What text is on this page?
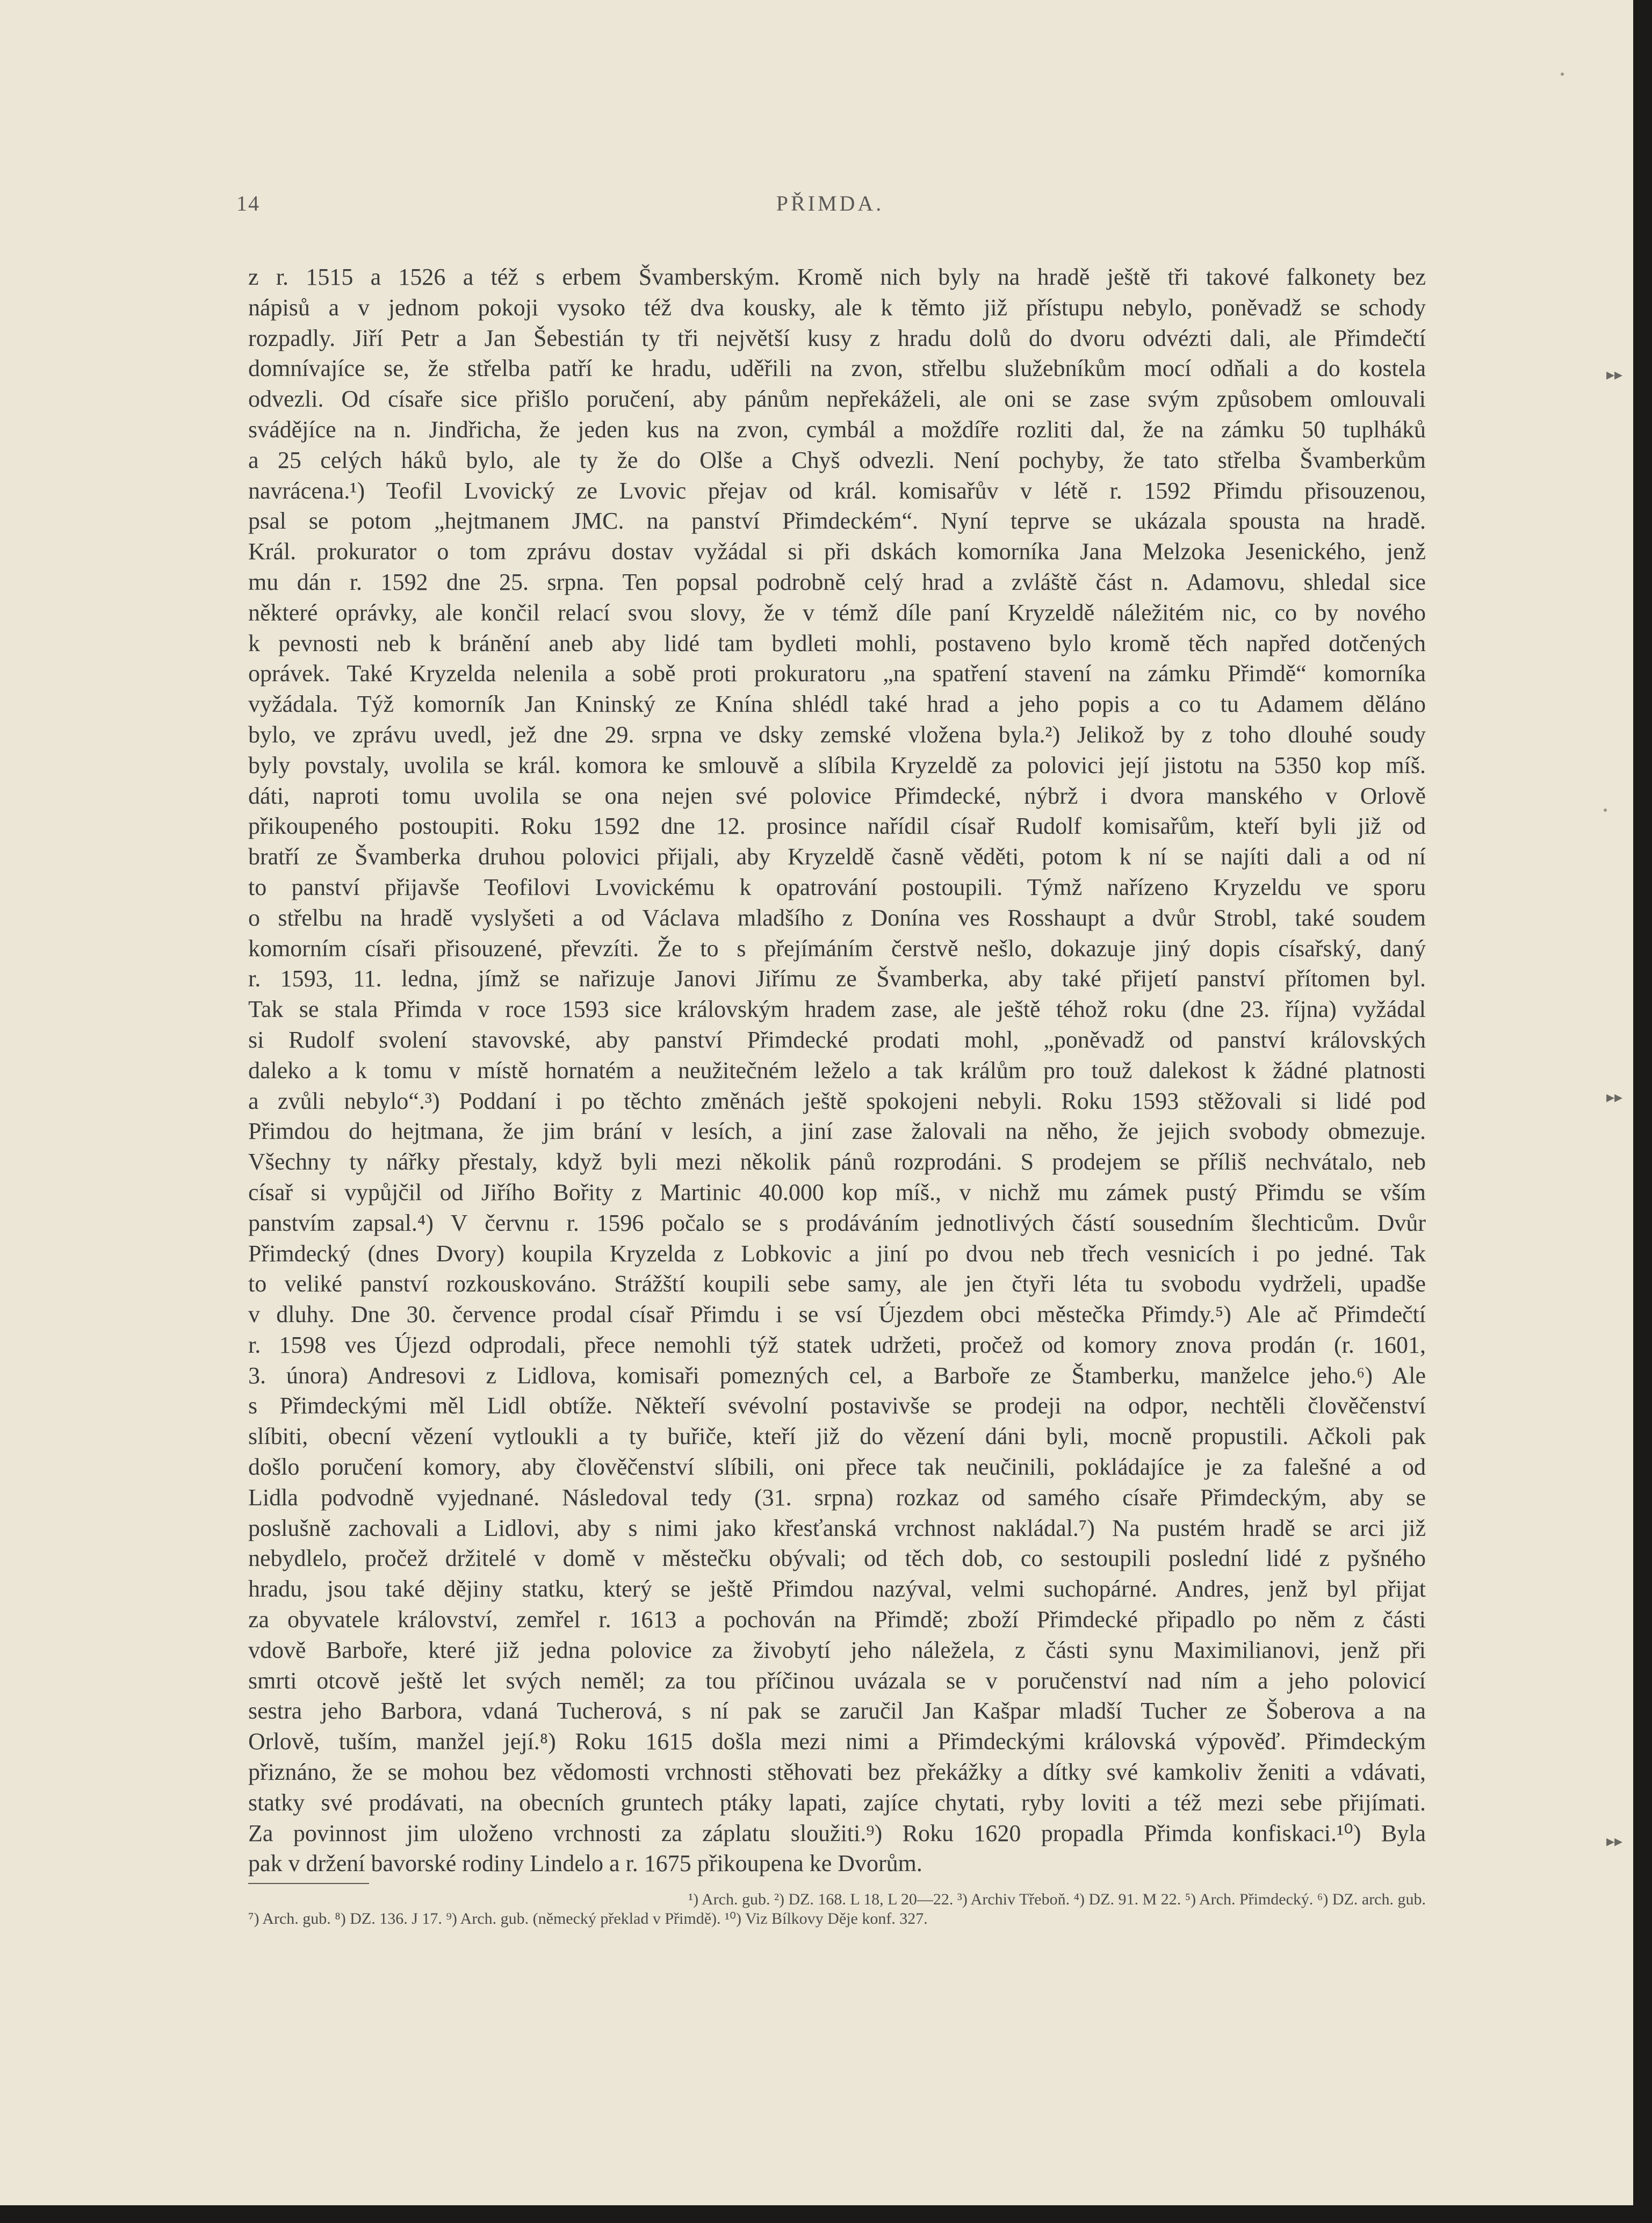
14	PŘIMDA.
z r. 1515 a 1526 a též s erbem Švamberským. Kromě nich byly na hradě ještě tři takové falkonety bez
nápisů a v jednom pokoji vysoko též dva kousky, ale k těmto již přístupu nebylo, poněvadž se schody
rozpadly. Jiří Petr a Jan Šebestián ty tři největší kusy z hradu dolů do dvoru odvézti dali, ale Přimdečtí
domnívajíce se, že střelba patří ke hradu, uděřili na zvon, střelbu služebníkům mocí odňali a do kostela
odvezli. Od císaře sice přišlo poručení, aby pánům nepřekáželi, ale oni se zase svým způsobem omlouvali
svádějíce na n. Jindřicha, že jeden kus na zvon, cymbál a moždíře rozliti dal, že na zámku 50 tuplháků
a 25 celých háků bylo, ale ty že do Olše a Chyš odvezli. Není pochyby, že tato střelba Švamberkům
navrácena.¹) Teofil Lvovický ze Lvovic přejav od král. komisařův v létě r. 1592 Přimdu přisouzenou,
psal se potom „hejtmanem JMC. na panství Přimdeckém“. Nyní teprve se ukázala spousta na hradě.
Král. prokurator o tom zprávu dostav vyžádal si při dskách komorníka Jana Melzoka Jesenického, jenž
mu dán r. 1592 dne 25. srpna. Ten popsal podrobně celý hrad a zvláště část n. Adamovu, shledal sice
některé oprávky, ale končil relací svou slovy, že v témž díle paní Kryzeldě náležitém nic, co by nového
k pevnosti neb k bránění aneb aby lidé tam bydleti mohli, postaveno bylo kromě těch napřed dotčených
oprávek. Také Kryzelda nelenila a sobě proti prokuratoru „na spatření stavení na zámku Přimdě“ komorníka
vyžádala. Týž komorník Jan Kninský ze Knína shlédl také hrad a jeho popis a co tu Adamem děláno
bylo, ve zprávu uvedl, jež dne 29. srpna ve dsky zemské vložena byla.²) Jelikož by z toho dlouhé soudy
byly povstaly, uvolila se král. komora ke smlouvě a slíbila Kryzeldě za polovici její jistotu na 5350 kop míš.
dáti, naproti tomu uvolila se ona nejen své polovice Přimdecké, nýbrž i dvora manského v Orlově
přikoupeného postoupiti. Roku 1592 dne 12. prosince nařídil císař Rudolf komisařům, kteří byli již od
bratří ze Švamberka druhou polovici přijali, aby Kryzeldě časně věděti, potom k ní se najíti dali a od ní
to panství přijavše Teofilovi Lvovickému k opatrování postoupili. Týmž nařízeno Kryzeldu ve sporu
o střelbu na hradě vyslyšeti a od Václava mladšího z Donína ves Rosshaupt a dvůr Strobl, také soudem
komorním císaři přisouzené, převzíti. Že to s přejímáním čerstvě nešlo, dokazuje jiný dopis císařský, daný
r. 1593, 11. ledna, jímž se nařizuje Janovi Jiřímu ze Švamberka, aby také přijetí panství přítomen byl.
Tak se stala Přimda v roce 1593 sice královským hradem zase, ale ještě téhož roku (dne 23. října) vyžádal
si Rudolf svolení stavovské, aby panství Přimdecké prodati mohl, „poněvadž od panství královských
daleko a k tomu v místě hornatém a neužitečném leželo a tak králům pro touž dalekost k žádné platnosti
a zvůli nebylo“.³) Poddaní i po těchto změnách ještě spokojeni nebyli. Roku 1593 stěžovali si lidé pod
Přimdou do hejtmana, že jim brání v lesích, a jiní zase žalovali na něho, že jejich svobody obmezuje.
Všechny ty nářky přestaly, když byli mezi několik pánů rozprodáni. S prodejem se příliš nechvátalo, neb
císař si vypůjčil od Jiřího Bořity z Martinic 40.000 kop míš., v nichž mu zámek pustý Přimdu se vším
panstvím zapsal.⁴) V červnu r. 1596 počalo se s prodáváním jednotlivých částí sousedním šlechticům. Dvůr
Přimdecký (dnes Dvory) koupila Kryzelda z Lobkovic a jiní po dvou neb třech vesnicích i po jedné. Tak
to veliké panství rozkouskováno. Strážští koupili sebe samy, ale jen čtyři léta tu svobodu vydrželi, upadše
v dluhy. Dne 30. července prodal císař Přimdu i se vsí Újezdem obci městečka Přimdy.⁵) Ale ač Přimdečtí
r. 1598 ves Újezd odprodali, přece nemohli týž statek udržeti, pročež od komory znova prodán (r. 1601,
3. února) Andresovi z Lidlova, komisaři pomezných cel, a Barboře ze Štamberku, manželce jeho.⁶) Ale
s Přimdeckými měl Lidl obtíže. Někteří svévolní postavivše se prodeji na odpor, nechtěli člověčenství
slíbiti, obecní vězení vytloukli a ty buřiče, kteří již do vězení dáni byli, mocně propustili. Ačkoli pak
došlo poručení komory, aby člověčenství slíbili, oni přece tak neučinili, pokládajíce je za falešné a od
Lidla podvodně vyjednané. Následoval tedy (31. srpna) rozkaz od samého císaře Přimdeckým, aby se
poslušně zachovali a Lidlovi, aby s nimi jako křesťanská vrchnost nakládal.⁷) Na pustém hradě se arci již
nebydlelo, pročež držitelé v domě v městečku obývali; od těch dob, co sestoupili poslední lidé z pyšného
hradu, jsou také dějiny statku, který se ještě Přimdou nazýval, velmi suchopárné. Andres, jenž byl přijat
za obyvatele království, zemřel r. 1613 a pochován na Přimdě; zboží Přimdecké připadlo po něm z části
vdově Barboře, které již jedna polovice za živobytí jeho náležela, z části synu Maximilianovi, jenž při
smrti otcově ještě let svých neměl; za tou příčinou uvázala se v poručenství nad ním a jeho polovicí
sestra jeho Barbora, vdaná Tucherová, s ní pak se zaručil Jan Kašpar mladší Tucher ze Šoberova a na
Orlově, tuším, manžel její.⁸) Roku 1615 došla mezi nimi a Přimdeckými královská výpověď. Přimdeckým
přiznáno, že se mohou bez vědomosti vrchnosti stěhovati bez překážky a dítky své kamkoliv ženiti a vdávati,
statky své prodávati, na obecních gruntech ptáky lapati, zajíce chytati, ryby loviti a též mezi sebe přijímati.
Za povinnost jim uloženo vrchnosti za záplatu sloužiti.⁹) Roku 1620 propadla Přimda konfiskaci.¹⁰) Byla
pak v držení bavorské rodiny Lindelo a r. 1675 přikoupena ke Dvorům.
¹) Arch. gub. ²) DZ. 168. L 18, L 20—22. ³) Archiv Třeboň. ⁴) DZ. 91. M 22. ⁵) Arch. Přimdecký. ⁶) DZ. arch. gub.
⁷) Arch. gub. ⁸) DZ. 136. J 17. ⁹) Arch. gub. (německý překlad v Přimdě). ¹⁰) Viz Bílkovy Děje konf. 327.
▸▸
▸▸
▸▸
